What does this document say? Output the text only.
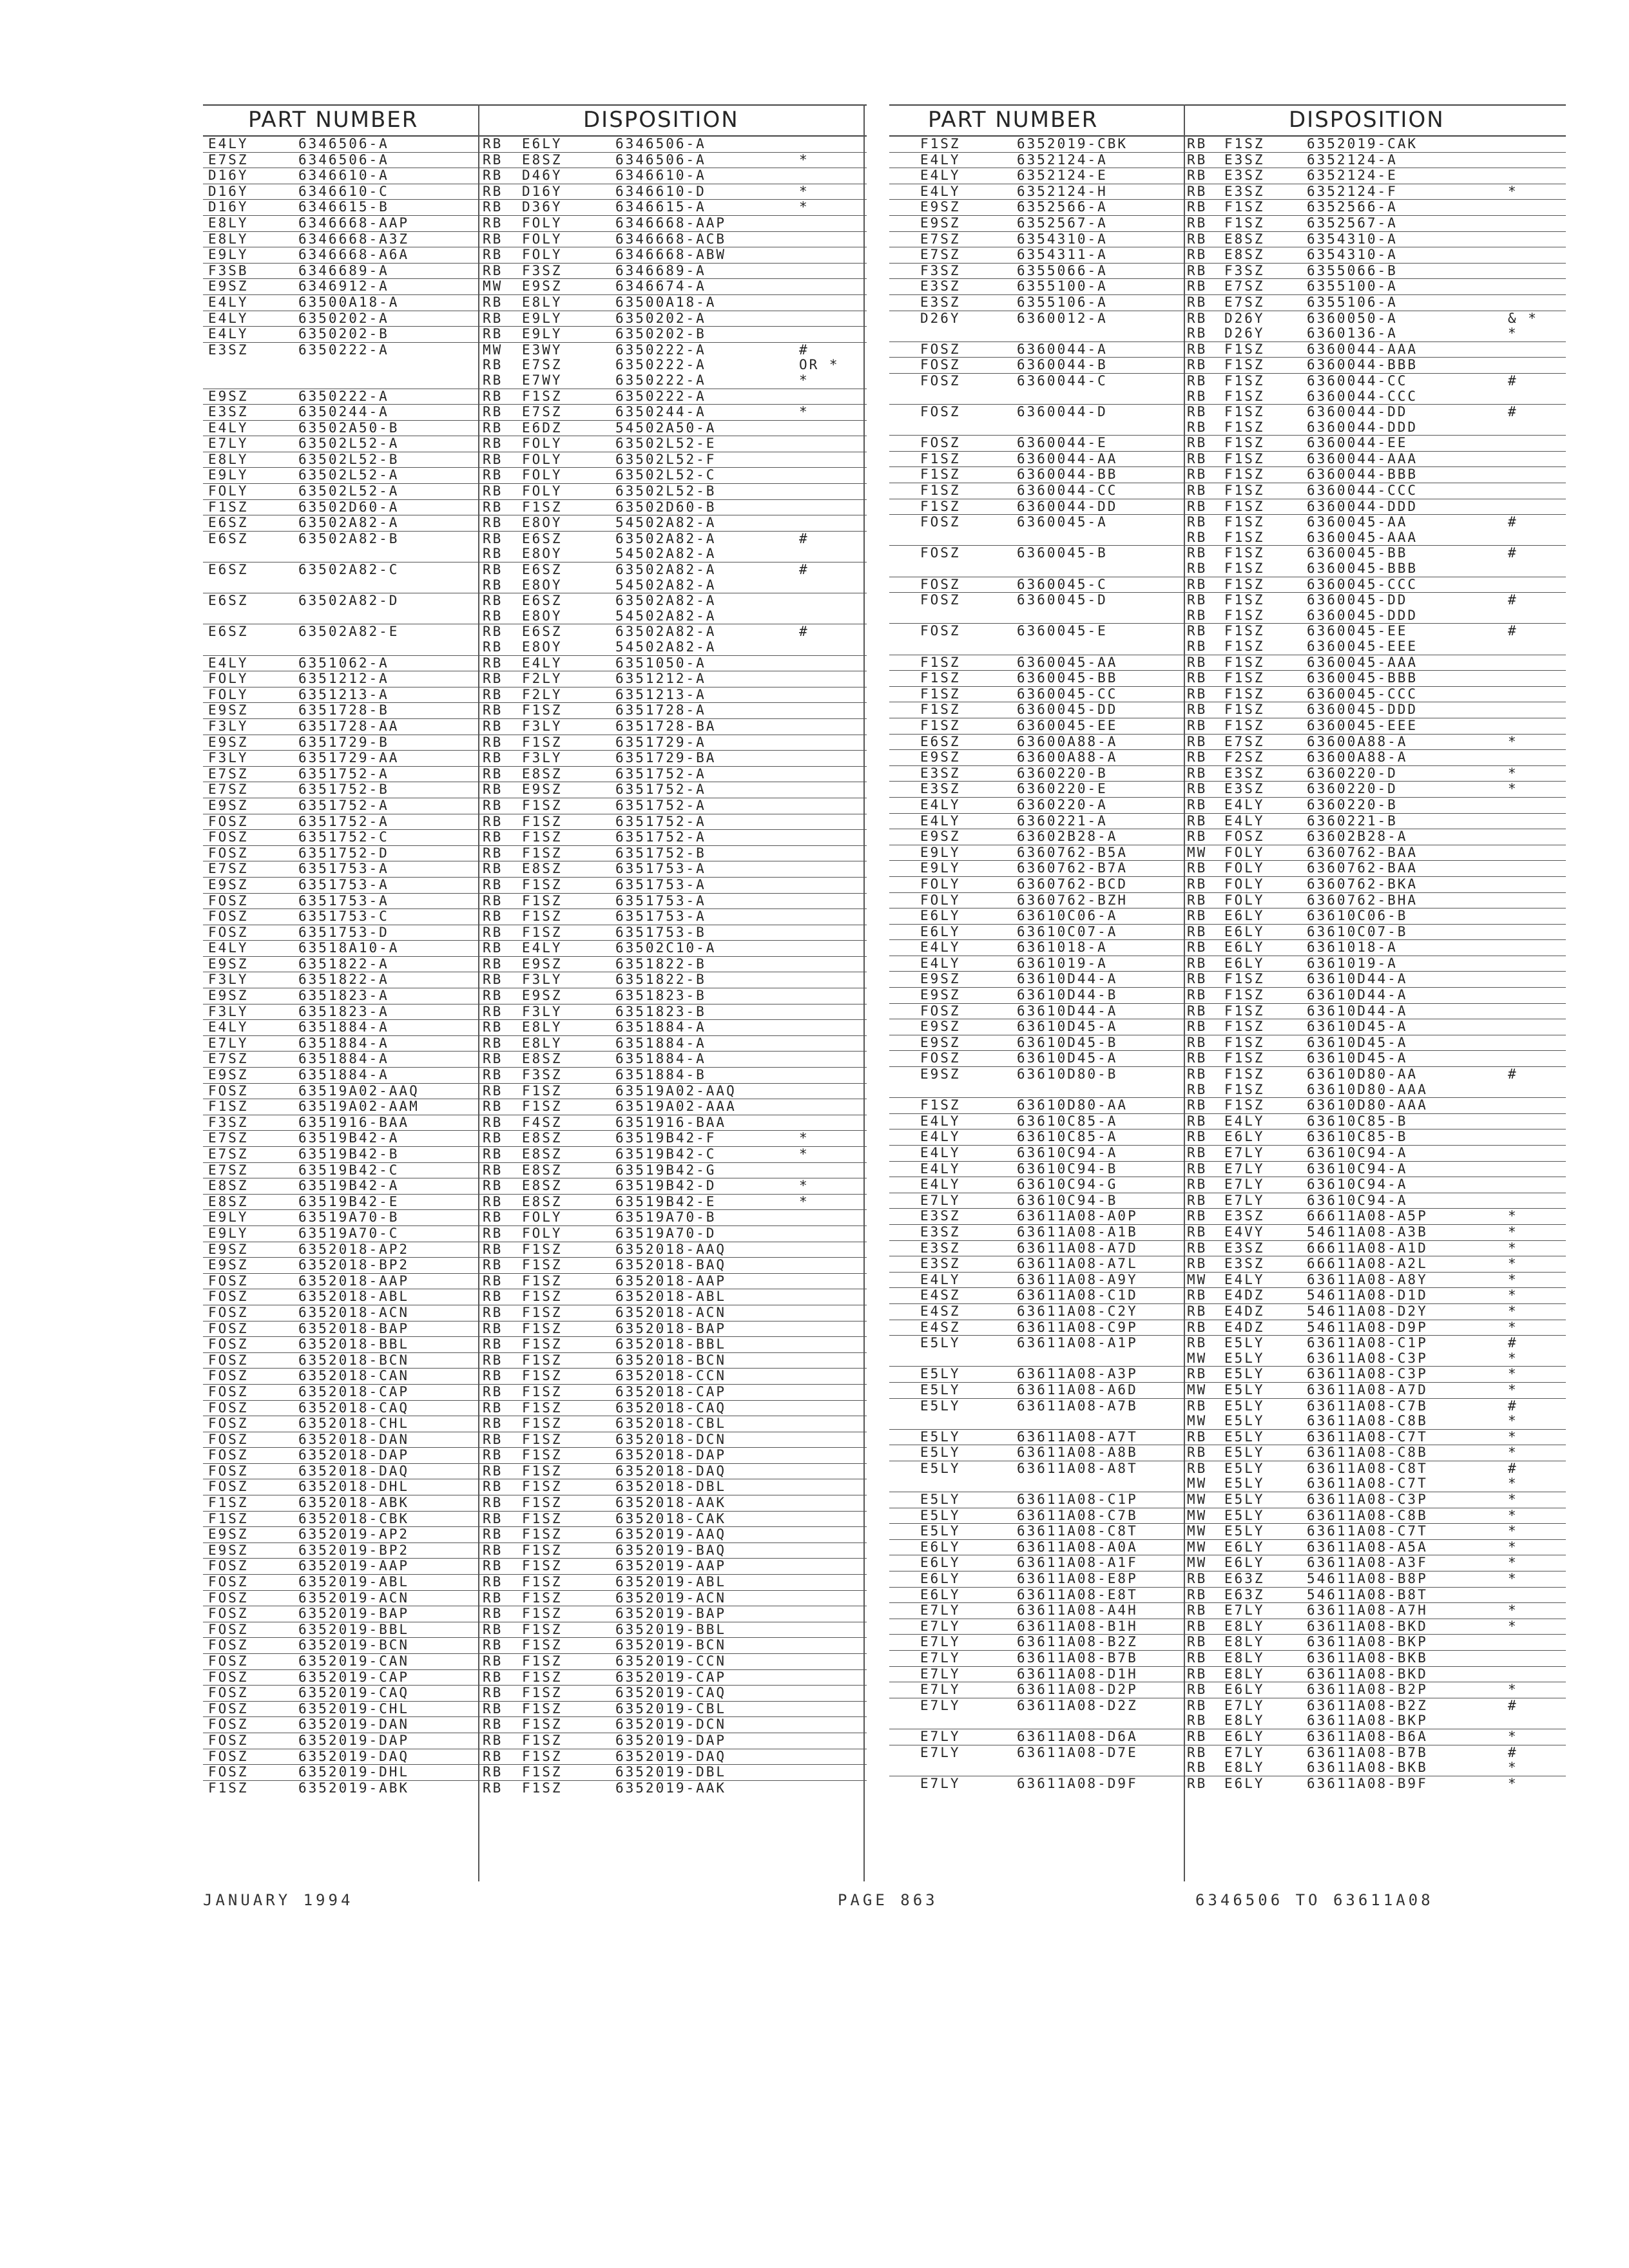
PART NUMBER	DISPOSITION
E4LY	6346506-A	RB E6LY	6346506-A
E7SZ	6346506-A	RB E8SZ	6346506-A	*
D16Y	6346610-A	RB D46Y	6346610-A
D16Y	6346610-C	RB D16Y	6346610-D	*
D16Y	6346615-B	RB D36Y	6346615-A	*
E8LY	6346668-AAP	RB FOLY	6346668-AAP
E8LY	6346668-A3Z	RB FOLY	6346668-ACB
E9LY	6346668-A6A	RB FOLY	6346668-ABW
F3SB	6346689-A	RB F3SZ	6346689-A
E9SZ	6346912-A	MW E9SZ	6346674-A
E4LY	63500A18-A	RB E8LY	63500A18-A
E4LY	6350202-A	RB E9LY	6350202-A
E4LY	6350202-B	RB E9LY	6350202-B
E3SZ	6350222-A	MW E3WY	6350222-A	#
RB E7SZ	6350222-A	OR *
RB E7WY	6350222-A	*
E9SZ	6350222-A	RB F1SZ	6350222-A
E3SZ	6350244-A	RB E7SZ	6350244-A	*
E4LY	63502A50-B	RB E6DZ	54502A50-A
E7LY	63502L52-A	RB FOLY	63502L52-E
E8LY	63502L52-B	RB FOLY	63502L52-F
E9LY	63502L52-A	RB FOLY	63502L52-C
FOLY	63502L52-A	RB FOLY	63502L52-B
F1SZ	63502D60-A	RB F1SZ	63502D60-B
E6SZ	63502A82-A	RB E8OY	54502A82-A
E6SZ	63502A82-B	RB E6SZ	63502A82-A	#
RB E8OY	54502A82-A
E6SZ	63502A82-C	RB E6SZ	63502A82-A	#
RB E8OY	54502A82-A
E6SZ	63502A82-D	RB E6SZ	63502A82-A
RB E8OY	54502A82-A
E6SZ	63502A82-E	RB E6SZ	63502A82-A	#
RB E8OY	54502A82-A
E4LY	6351062-A	RB E4LY	6351050-A
FOLY	6351212-A	RB F2LY	6351212-A
FOLY	6351213-A	RB F2LY	6351213-A
E9SZ	6351728-B	RB F1SZ	6351728-A
F3LY	6351728-AA	RB F3LY	6351728-BA
E9SZ	6351729-B	RB F1SZ	6351729-A
F3LY	6351729-AA	RB F3LY	6351729-BA
E7SZ	6351752-A	RB E8SZ	6351752-A
E7SZ	6351752-B	RB E9SZ	6351752-A
E9SZ	6351752-A	RB F1SZ	6351752-A
FOSZ	6351752-A	RB F1SZ	6351752-A
FOSZ	6351752-C	RB F1SZ	6351752-A
FOSZ	6351752-D	RB F1SZ	6351752-B
E7SZ	6351753-A	RB E8SZ	6351753-A
E9SZ	6351753-A	RB F1SZ	6351753-A
FOSZ	6351753-A	RB F1SZ	6351753-A
FOSZ	6351753-C	RB F1SZ	6351753-A
FOSZ	6351753-D	RB F1SZ	6351753-B
E4LY	63518A10-A	RB E4LY	63502C10-A
E9SZ	6351822-A	RB E9SZ	6351822-B
F3LY	6351822-A	RB F3LY	6351822-B
E9SZ	6351823-A	RB E9SZ	6351823-B
F3LY	6351823-A	RB F3LY	6351823-B
E4LY	6351884-A	RB E8LY	6351884-A
E7LY	6351884-A	RB E8LY	6351884-A
E7SZ	6351884-A	RB E8SZ	6351884-A
E9SZ	6351884-A	RB F3SZ	6351884-B
FOSZ	63519A02-AAQ	RB F1SZ	63519A02-AAQ
F1SZ	63519A02-AAM	RB F1SZ	63519A02-AAA
F3SZ	6351916-BAA	RB F4SZ	6351916-BAA
E7SZ	63519B42-A	RB E8SZ	63519B42-F	*
E7SZ	63519B42-B	RB E8SZ	63519B42-C	*
E7SZ	63519B42-C	RB E8SZ	63519B42-G
E8SZ	63519B42-A	RB E8SZ	63519B42-D	*
E8SZ	63519B42-E	RB E8SZ	63519B42-E	*
E9LY	63519A70-B	RB FOLY	63519A70-B
E9LY	63519A70-C	RB FOLY	63519A70-D
E9SZ	6352018-AP2	RB F1SZ	6352018-AAQ
E9SZ	6352018-BP2	RB F1SZ	6352018-BAQ
FOSZ	6352018-AAP	RB F1SZ	6352018-AAP
FOSZ	6352018-ABL	RB F1SZ	6352018-ABL
FOSZ	6352018-ACN	RB F1SZ	6352018-ACN
FOSZ	6352018-BAP	RB F1SZ	6352018-BAP
FOSZ	6352018-BBL	RB F1SZ	6352018-BBL
FOSZ	6352018-BCN	RB F1SZ	6352018-BCN
FOSZ	6352018-CAN	RB F1SZ	6352018-CCN
FOSZ	6352018-CAP	RB F1SZ	6352018-CAP
FOSZ	6352018-CAQ	RB F1SZ	6352018-CAQ
FOSZ	6352018-CHL	RB F1SZ	6352018-CBL
FOSZ	6352018-DAN	RB F1SZ	6352018-DCN
FOSZ	6352018-DAP	RB F1SZ	6352018-DAP
FOSZ	6352018-DAQ	RB F1SZ	6352018-DAQ
FOSZ	6352018-DHL	RB F1SZ	6352018-DBL
F1SZ	6352018-ABK	RB F1SZ	6352018-AAK
F1SZ	6352018-CBK	RB F1SZ	6352018-CAK
E9SZ	6352019-AP2	RB F1SZ	6352019-AAQ
E9SZ	6352019-BP2	RB F1SZ	6352019-BAQ
FOSZ	6352019-AAP	RB F1SZ	6352019-AAP
FOSZ	6352019-ABL	RB F1SZ	6352019-ABL
FOSZ	6352019-ACN	RB F1SZ	6352019-ACN
FOSZ	6352019-BAP	RB F1SZ	6352019-BAP
FOSZ	6352019-BBL	RB F1SZ	6352019-BBL
FOSZ	6352019-BCN	RB F1SZ	6352019-BCN
FOSZ	6352019-CAN	RB F1SZ	6352019-CCN
FOSZ	6352019-CAP	RB F1SZ	6352019-CAP
FOSZ	6352019-CAQ	RB F1SZ	6352019-CAQ
FOSZ	6352019-CHL	RB F1SZ	6352019-CBL
FOSZ	6352019-DAN	RB F1SZ	6352019-DCN
FOSZ	6352019-DAP	RB F1SZ	6352019-DAP
FOSZ	6352019-DAQ	RB F1SZ	6352019-DAQ
FOSZ	6352019-DHL	RB F1SZ	6352019-DBL
F1SZ	6352019-ABK	RB F1SZ	6352019-AAK
PART NUMBER	DISPOSITION
F1SZ	6352019-CBK	RB F1SZ	6352019-CAK
E4LY	6352124-A	RB E3SZ	6352124-A
E4LY	6352124-E	RB E3SZ	6352124-E
E4LY	6352124-H	RB E3SZ	6352124-F	*
E9SZ	6352566-A	RB F1SZ	6352566-A
E9SZ	6352567-A	RB F1SZ	6352567-A
E7SZ	6354310-A	RB E8SZ	6354310-A
E7SZ	6354311-A	RB E8SZ	6354310-A
F3SZ	6355066-A	RB F3SZ	6355066-B
E3SZ	6355100-A	RB E7SZ	6355100-A
E3SZ	6355106-A	RB E7SZ	6355106-A
D26Y	6360012-A	RB D26Y	6360050-A	& *
RB D26Y	6360136-A	*
FOSZ	6360044-A	RB F1SZ	6360044-AAA
FOSZ	6360044-B	RB F1SZ	6360044-BBB
FOSZ	6360044-C	RB F1SZ	6360044-CC	#
RB F1SZ	6360044-CCC
FOSZ	6360044-D	RB F1SZ	6360044-DD	#
RB F1SZ	6360044-DDD
FOSZ	6360044-E	RB F1SZ	6360044-EE
F1SZ	6360044-AA	RB F1SZ	6360044-AAA
F1SZ	6360044-BB	RB F1SZ	6360044-BBB
F1SZ	6360044-CC	RB F1SZ	6360044-CCC
F1SZ	6360044-DD	RB F1SZ	6360044-DDD
FOSZ	6360045-A	RB F1SZ	6360045-AA	#
RB F1SZ	6360045-AAA
FOSZ	6360045-B	RB F1SZ	6360045-BB	#
RB F1SZ	6360045-BBB
FOSZ	6360045-C	RB F1SZ	6360045-CCC
FOSZ	6360045-D	RB F1SZ	6360045-DD	#
RB F1SZ	6360045-DDD
FOSZ	6360045-E	RB F1SZ	6360045-EE	#
RB F1SZ	6360045-EEE
F1SZ	6360045-AA	RB F1SZ	6360045-AAA
F1SZ	6360045-BB	RB F1SZ	6360045-BBB
F1SZ	6360045-CC	RB F1SZ	6360045-CCC
F1SZ	6360045-DD	RB F1SZ	6360045-DDD
F1SZ	6360045-EE	RB F1SZ	6360045-EEE
E6SZ	63600A88-A	RB E7SZ	63600A88-A	*
E9SZ	63600A88-A	RB F2SZ	63600A88-A
E3SZ	6360220-B	RB E3SZ	6360220-D	*
E3SZ	6360220-E	RB E3SZ	6360220-D	*
E4LY	6360220-A	RB E4LY	6360220-B
E4LY	6360221-A	RB E4LY	6360221-B
E9SZ	63602B28-A	RB FOSZ	63602B28-A
E9LY	6360762-B5A	MW FOLY	6360762-BAA
E9LY	6360762-B7A	RB FOLY	6360762-BAA
FOLY	6360762-BCD	RB FOLY	6360762-BKA
FOLY	6360762-BZH	RB FOLY	6360762-BHA
E6LY	63610C06-A	RB E6LY	63610C06-B
E6LY	63610C07-A	RB E6LY	63610C07-B
E4LY	6361018-A	RB E6LY	6361018-A
E4LY	6361019-A	RB E6LY	6361019-A
E9SZ	63610D44-A	RB F1SZ	63610D44-A
E9SZ	63610D44-B	RB F1SZ	63610D44-A
FOSZ	63610D44-A	RB F1SZ	63610D44-A
E9SZ	63610D45-A	RB F1SZ	63610D45-A
E9SZ	63610D45-B	RB F1SZ	63610D45-A
FOSZ	63610D45-A	RB F1SZ	63610D45-A
E9SZ	63610D80-B	RB F1SZ	63610D80-AA	#
RB F1SZ	63610D80-AAA
F1SZ	63610D80-AA	RB F1SZ	63610D80-AAA
E4LY	63610C85-A	RB E4LY	63610C85-B
E4LY	63610C85-A	RB E6LY	63610C85-B
E4LY	63610C94-A	RB E7LY	63610C94-A
E4LY	63610C94-B	RB E7LY	63610C94-A
E4LY	63610C94-G	RB E7LY	63610C94-A
E7LY	63610C94-B	RB E7LY	63610C94-A
E3SZ	63611A08-A0P	RB E3SZ	66611A08-A5P	*
E3SZ	63611A08-A1B	RB E4VY	54611A08-A3B	*
E3SZ	63611A08-A7D	RB E3SZ	66611A08-A1D	*
E3SZ	63611A08-A7L	RB E3SZ	66611A08-A2L	*
E4LY	63611A08-A9Y	MW E4LY	63611A08-A8Y	*
E4SZ	63611A08-C1D	RB E4DZ	54611A08-D1D	*
E4SZ	63611A08-C2Y	RB E4DZ	54611A08-D2Y	*
E4SZ	63611A08-C9P	RB E4DZ	54611A08-D9P	*
E5LY	63611A08-A1P	RB E5LY	63611A08-C1P	#
MW E5LY	63611A08-C3P	*
E5LY	63611A08-A3P	RB E5LY	63611A08-C3P	*
E5LY	63611A08-A6D	MW E5LY	63611A08-A7D	*
E5LY	63611A08-A7B	RB E5LY	63611A08-C7B	#
MW E5LY	63611A08-C8B	*
E5LY	63611A08-A7T	RB E5LY	63611A08-C7T	*
E5LY	63611A08-A8B	RB E5LY	63611A08-C8B	*
E5LY	63611A08-A8T	RB E5LY	63611A08-C8T	#
MW E5LY	63611A08-C7T	*
E5LY	63611A08-C1P	MW E5LY	63611A08-C3P	*
E5LY	63611A08-C7B	MW E5LY	63611A08-C8B	*
E5LY	63611A08-C8T	MW E5LY	63611A08-C7T	*
E6LY	63611A08-A0A	MW E6LY	63611A08-A5A	*
E6LY	63611A08-A1F	MW E6LY	63611A08-A3F	*
E6LY	63611A08-E8P	RB E63Z	54611A08-B8P	*
E6LY	63611A08-E8T	RB E63Z	54611A08-B8T
E7LY	63611A08-A4H	RB E7LY	63611A08-A7H	*
E7LY	63611A08-B1H	RB E8LY	63611A08-BKD	*
E7LY	63611A08-B2Z	RB E8LY	63611A08-BKP
E7LY	63611A08-B7B	RB E8LY	63611A08-BKB
E7LY	63611A08-D1H	RB E8LY	63611A08-BKD
E7LY	63611A08-D2P	RB E6LY	63611A08-B2P	*
E7LY	63611A08-D2Z	RB E7LY	63611A08-B2Z	#
RB E8LY	63611A08-BKP
E7LY	63611A08-D6A	RB E6LY	63611A08-B6A	*
E7LY	63611A08-D7E	RB E7LY	63611A08-B7B	#
RB E8LY	63611A08-BKB	*
E7LY	63611A08-D9F	RB E6LY	63611A08-B9F	*
JANUARY 1994	PAGE 863	6346506 TO 63611A08
